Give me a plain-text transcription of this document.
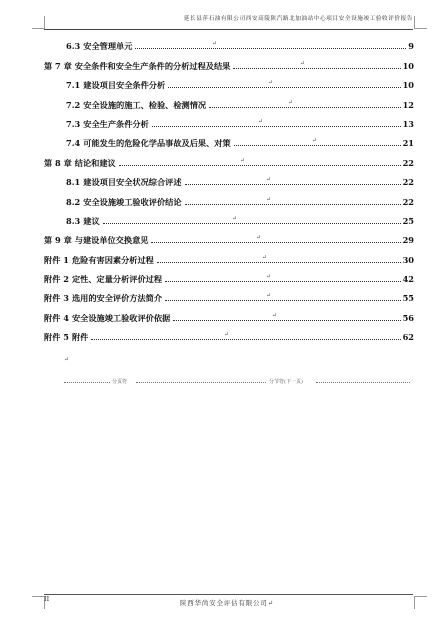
延长县萍石油有限公司西安高陵陕汽路北加油站中心项目安全设施竣工验收评价报告
6.3 安全管理单元	9
↵
第 7 章 安全条件和安全生产条件的分析过程及结果	10
↵
7.1 建设项目安全条件分析	10
↵
7.2 安全设施的施工、检验、检测情况	12
↵
7.3 安全生产条件分析	13
↵
7.4 可能发生的危险化学品事故及后果、对策	21
↵
第 8 章 结论和建议	22
↵
8.1 建设项目安全状况综合评述	22
↵
8.2 安全设施竣工验收评价结论	22
↵
8.3 建议	25
↵
第 9 章 与建设单位交换意见	29
↵
附件 1 危险有害因素分析过程	30
↵
附件 2 定性、定量分析评价过程	42
↵
附件 3 选用的安全评价方法简介	55
↵
附件 4 安全设施竣工验收评价依据	56
↵
附件 5 附件	62
↵
↵
分页符	分节符(下一页)
II	陕西华尚安全评估有限公司↵
